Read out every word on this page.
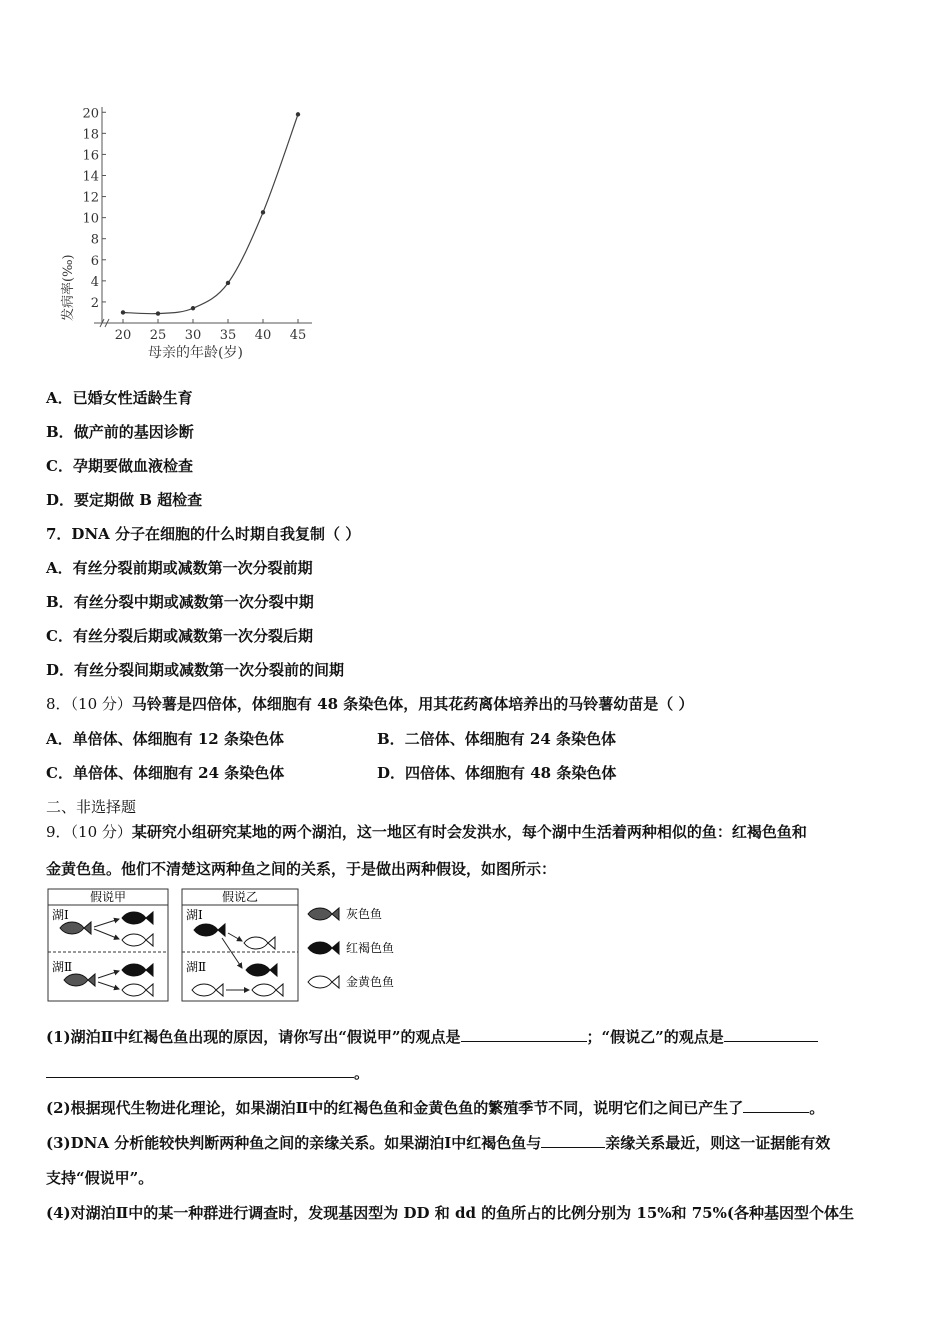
2
4
6
8
10
12
14
16
18
20
20 25 30 35 40 45
发病率(‰)
母亲的年龄(岁)
A．已婚女性适龄生育
B．做产前的基因诊断
C．孕期要做血液检查
D．要定期做 B 超检查
7．DNA 分子在细胞的什么时期自我复制（ ）
A．有丝分裂前期或减数第一次分裂前期
B．有丝分裂中期或减数第一次分裂中期
C．有丝分裂后期或减数第一次分裂后期
D．有丝分裂间期或减数第一次分裂前的间期
8．（10 分）马铃薯是四倍体，体细胞有 48 条染色体，用其花药离体培养出的马铃薯幼苗是（ ）
A．单倍体、体细胞有 12 条染色体	B．二倍体、体细胞有 24 条染色体
C．单倍体、体细胞有 24 条染色体	D．四倍体、体细胞有 48 条染色体
二、非选择题
9．（10 分）某研究小组研究某地的两个湖泊，这一地区有时会发洪水，每个湖中生活着两种相似的鱼：红褐色鱼和
金黄色鱼。他们不清楚这两种鱼之间的关系，于是做出两种假设，如图所示：
假说甲
湖Ⅰ
湖Ⅱ
假说乙
湖Ⅰ
湖Ⅱ
灰色鱼
红褐色鱼
金黄色鱼
(1)湖泊Ⅱ中红褐色鱼出现的原因，请你写出“假说甲”的观点是	；“假说乙”的观点是
。
(2)根据现代生物进化理论，如果湖泊Ⅱ中的红褐色鱼和金黄色鱼的繁殖季节不同，说明它们之间已产生了	。
(3)DNA 分析能较快判断两种鱼之间的亲缘关系。如果湖泊Ⅰ中红褐色鱼与	亲缘关系最近，则这一证据能有效
支持“假说甲”。
(4)对湖泊Ⅱ中的某一种群进行调查时，发现基因型为 DD 和 dd 的鱼所占的比例分别为 15%和 75%(各种基因型个体生
